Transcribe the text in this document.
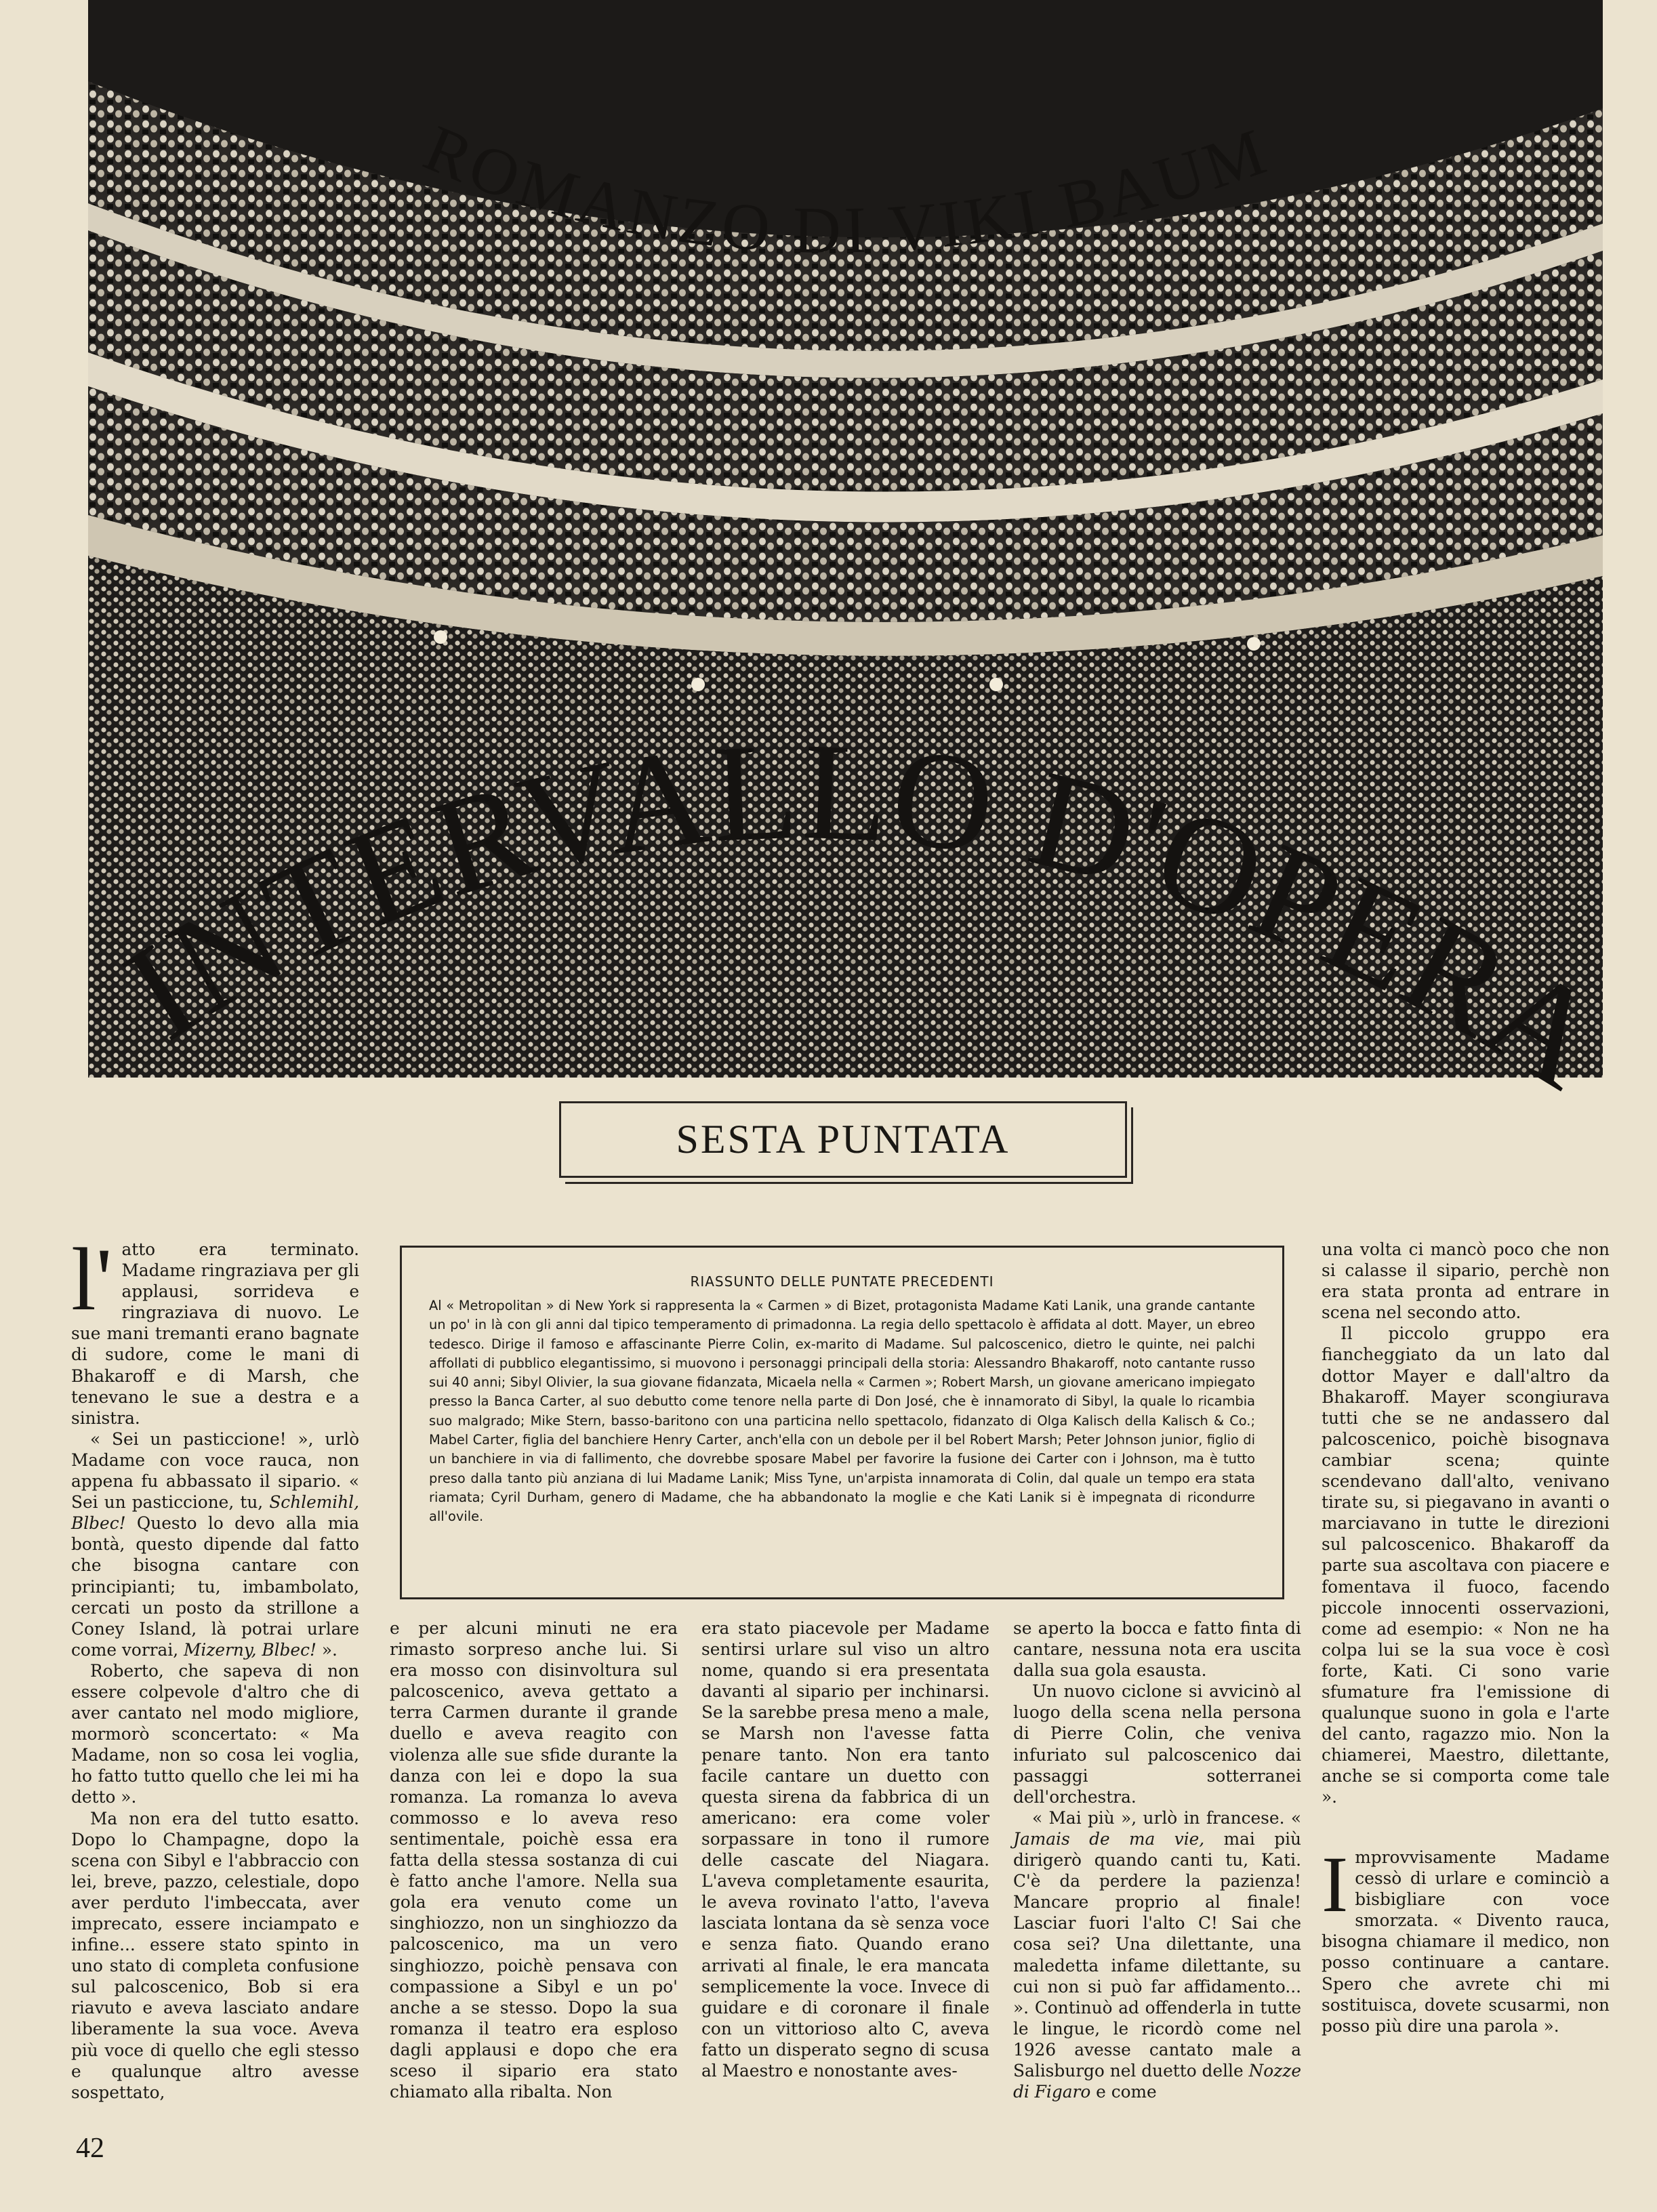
ROMANZO DI VIKI BAUM
INTERVALLO D'OPERA
SESTA PUNTATA
RIASSUNTO DELLE PUNTATE PRECEDENTI
Al « Metropolitan » di New York si rappresenta la « Carmen » di Bizet, protagonista Madame Kati Lanik, una grande cantante un po' in là con gli anni dal tipico temperamento di primadonna. La regia dello spettacolo è affidata al dott. Mayer, un ebreo tedesco. Dirige il famoso e affascinante Pierre Colin, ex-marito di Madame. Sul palcoscenico, dietro le quinte, nei palchi affollati di pubblico elegantissimo, si muovono i personaggi principali della storia: Alessandro Bhakaroff, noto cantante russo sui 40 anni; Sibyl Olivier, la sua giovane fidanzata, Micaela nella « Carmen »; Robert Marsh, un giovane americano impiegato presso la Banca Carter, al suo debutto come tenore nella parte di Don José, che è innamorato di Sibyl, la quale lo ricambia suo malgrado; Mike Stern, basso-baritono con una particina nello spettacolo, fidanzato di Olga Kalisch della Kalisch & Co.; Mabel Carter, figlia del banchiere Henry Carter, anch'ella con un debole per il bel Robert Marsh; Peter Johnson junior, figlio di un banchiere in via di fallimento, che dovrebbe sposare Mabel per favorire la fusione dei Carter con i Johnson, ma è tutto preso dalla tanto più anziana di lui Madame Lanik; Miss Tyne, un'arpista innamorata di Colin, dal quale un tempo era stata riamata; Cyril Durham, genero di Madame, che ha abbandonato la moglie e che Kati Lanik si è impegnata di ricondurre all'ovile.

l' atto era terminato. Madame ringraziava per gli applausi, sorrideva e ringraziava di nuovo. Le sue mani tremanti erano bagnate di sudore, come le mani di Bhakaroff e di Marsh, che tenevano le sue a destra e a sinistra.

« Sei un pasticcione! », urlò Madame con voce rauca, non appena fu abbassato il sipario. « Sei un pasticcione, tu, Schlemihl, Blbec! Questo lo devo alla mia bontà, questo dipende dal fatto che bisogna cantare con principianti; tu, imbambolato, cercati un posto da strillone a Coney Island, là potrai urlare come vorrai, Mizerny, Blbec! ».

Roberto, che sapeva di non essere colpevole d'altro che di aver cantato nel modo migliore, mormorò sconcertato: « Ma Madame, non so cosa lei voglia, ho fatto tutto quello che lei mi ha detto ».

Ma non era del tutto esatto. Dopo lo Champagne, dopo la scena con Sibyl e l'abbraccio con lei, breve, pazzo, celestiale, dopo aver perduto l'imbeccata, aver imprecato, essere inciampato e infine... essere stato spinto in uno stato di completa confusione sul palcoscenico, Bob si era riavuto e aveva lasciato andare liberamente la sua voce. Aveva più voce di quello che egli stesso e qualunque altro avesse sospettato,

e per alcuni minuti ne era rimasto sorpreso anche lui. Si era mosso con disinvoltura sul palcoscenico, aveva gettato a terra Carmen durante il grande duello e aveva reagito con violenza alle sue sfide durante la danza con lei e dopo la sua romanza. La romanza lo aveva commosso e lo aveva reso sentimentale, poichè essa era fatta della stessa sostanza di cui è fatto anche l'amore. Nella sua gola era venuto come un singhiozzo, non un singhiozzo da palcoscenico, ma un vero singhiozzo, poichè pensava con compassione a Sibyl e un po' anche a se stesso. Dopo la sua romanza il teatro era esploso dagli applausi e dopo che era sceso il sipario era stato chiamato alla ribalta. Non

era stato piacevole per Madame sentirsi urlare sul viso un altro nome, quando si era presentata davanti al sipario per inchinarsi. Se la sarebbe presa meno a male, se Marsh non l'avesse fatta penare tanto. Non era tanto facile cantare un duetto con questa sirena da fabbrica di un americano: era come voler sorpassare in tono il rumore delle cascate del Niagara. L'aveva completamente esaurita, le aveva rovinato l'atto, l'aveva lasciata lontana da sè senza voce e senza fiato. Quando erano arrivati al finale, le era mancata semplicemente la voce. Invece di guidare e di coronare il finale con un vittorioso alto C, aveva fatto un disperato segno di scusa al Maestro e nonostante aves-

se aperto la bocca e fatto finta di cantare, nessuna nota era uscita dalla sua gola esausta.

Un nuovo ciclone si avvicinò al luogo della scena nella persona di Pierre Colin, che veniva infuriato sul palcoscenico dai passaggi sotterranei dell'orchestra.

« Mai più », urlò in francese. « Jamais de ma vie, mai più dirigerò quando canti tu, Kati. C'è da perdere la pazienza! Mancare proprio al finale! Lasciar fuori l'alto C! Sai che cosa sei? Una dilettante, una maledetta infame dilettante, su cui non si può far affidamento... ». Continuò ad offenderla in tutte le lingue, le ricordò come nel 1926 avesse cantato male a Salisburgo nel duetto delle Nozze di Figaro e come

una volta ci mancò poco che non si calasse il sipario, perchè non era stata pronta ad entrare in scena nel secondo atto.

Il piccolo gruppo era fiancheggiato da un lato dal dottor Mayer e dall'altro da Bhakaroff. Mayer scongiurava tutti che se ne andassero dal palcoscenico, poichè bisognava cambiar scena; quinte scendevano dall'alto, venivano tirate su, si piegavano in avanti o marciavano in tutte le direzioni sul palcoscenico. Bhakaroff da parte sua ascoltava con piacere e fomentava il fuoco, facendo piccole innocenti osservazioni, come ad esempio: « Non ne ha colpa lui se la sua voce è così forte, Kati. Ci sono varie sfumature fra l'emissione di qualunque suono in gola e l'arte del canto, ragazzo mio. Non la chiamerei, Maestro, dilettante, anche se si comporta come tale ».

Improvvisamente Madame cessò di urlare e cominciò a bisbigliare con voce smorzata. « Divento rauca, bisogna chiamare il medico, non posso continuare a cantare. Spero che avrete chi mi sostituisca, dovete scusarmi, non posso più dire una parola ».

42
